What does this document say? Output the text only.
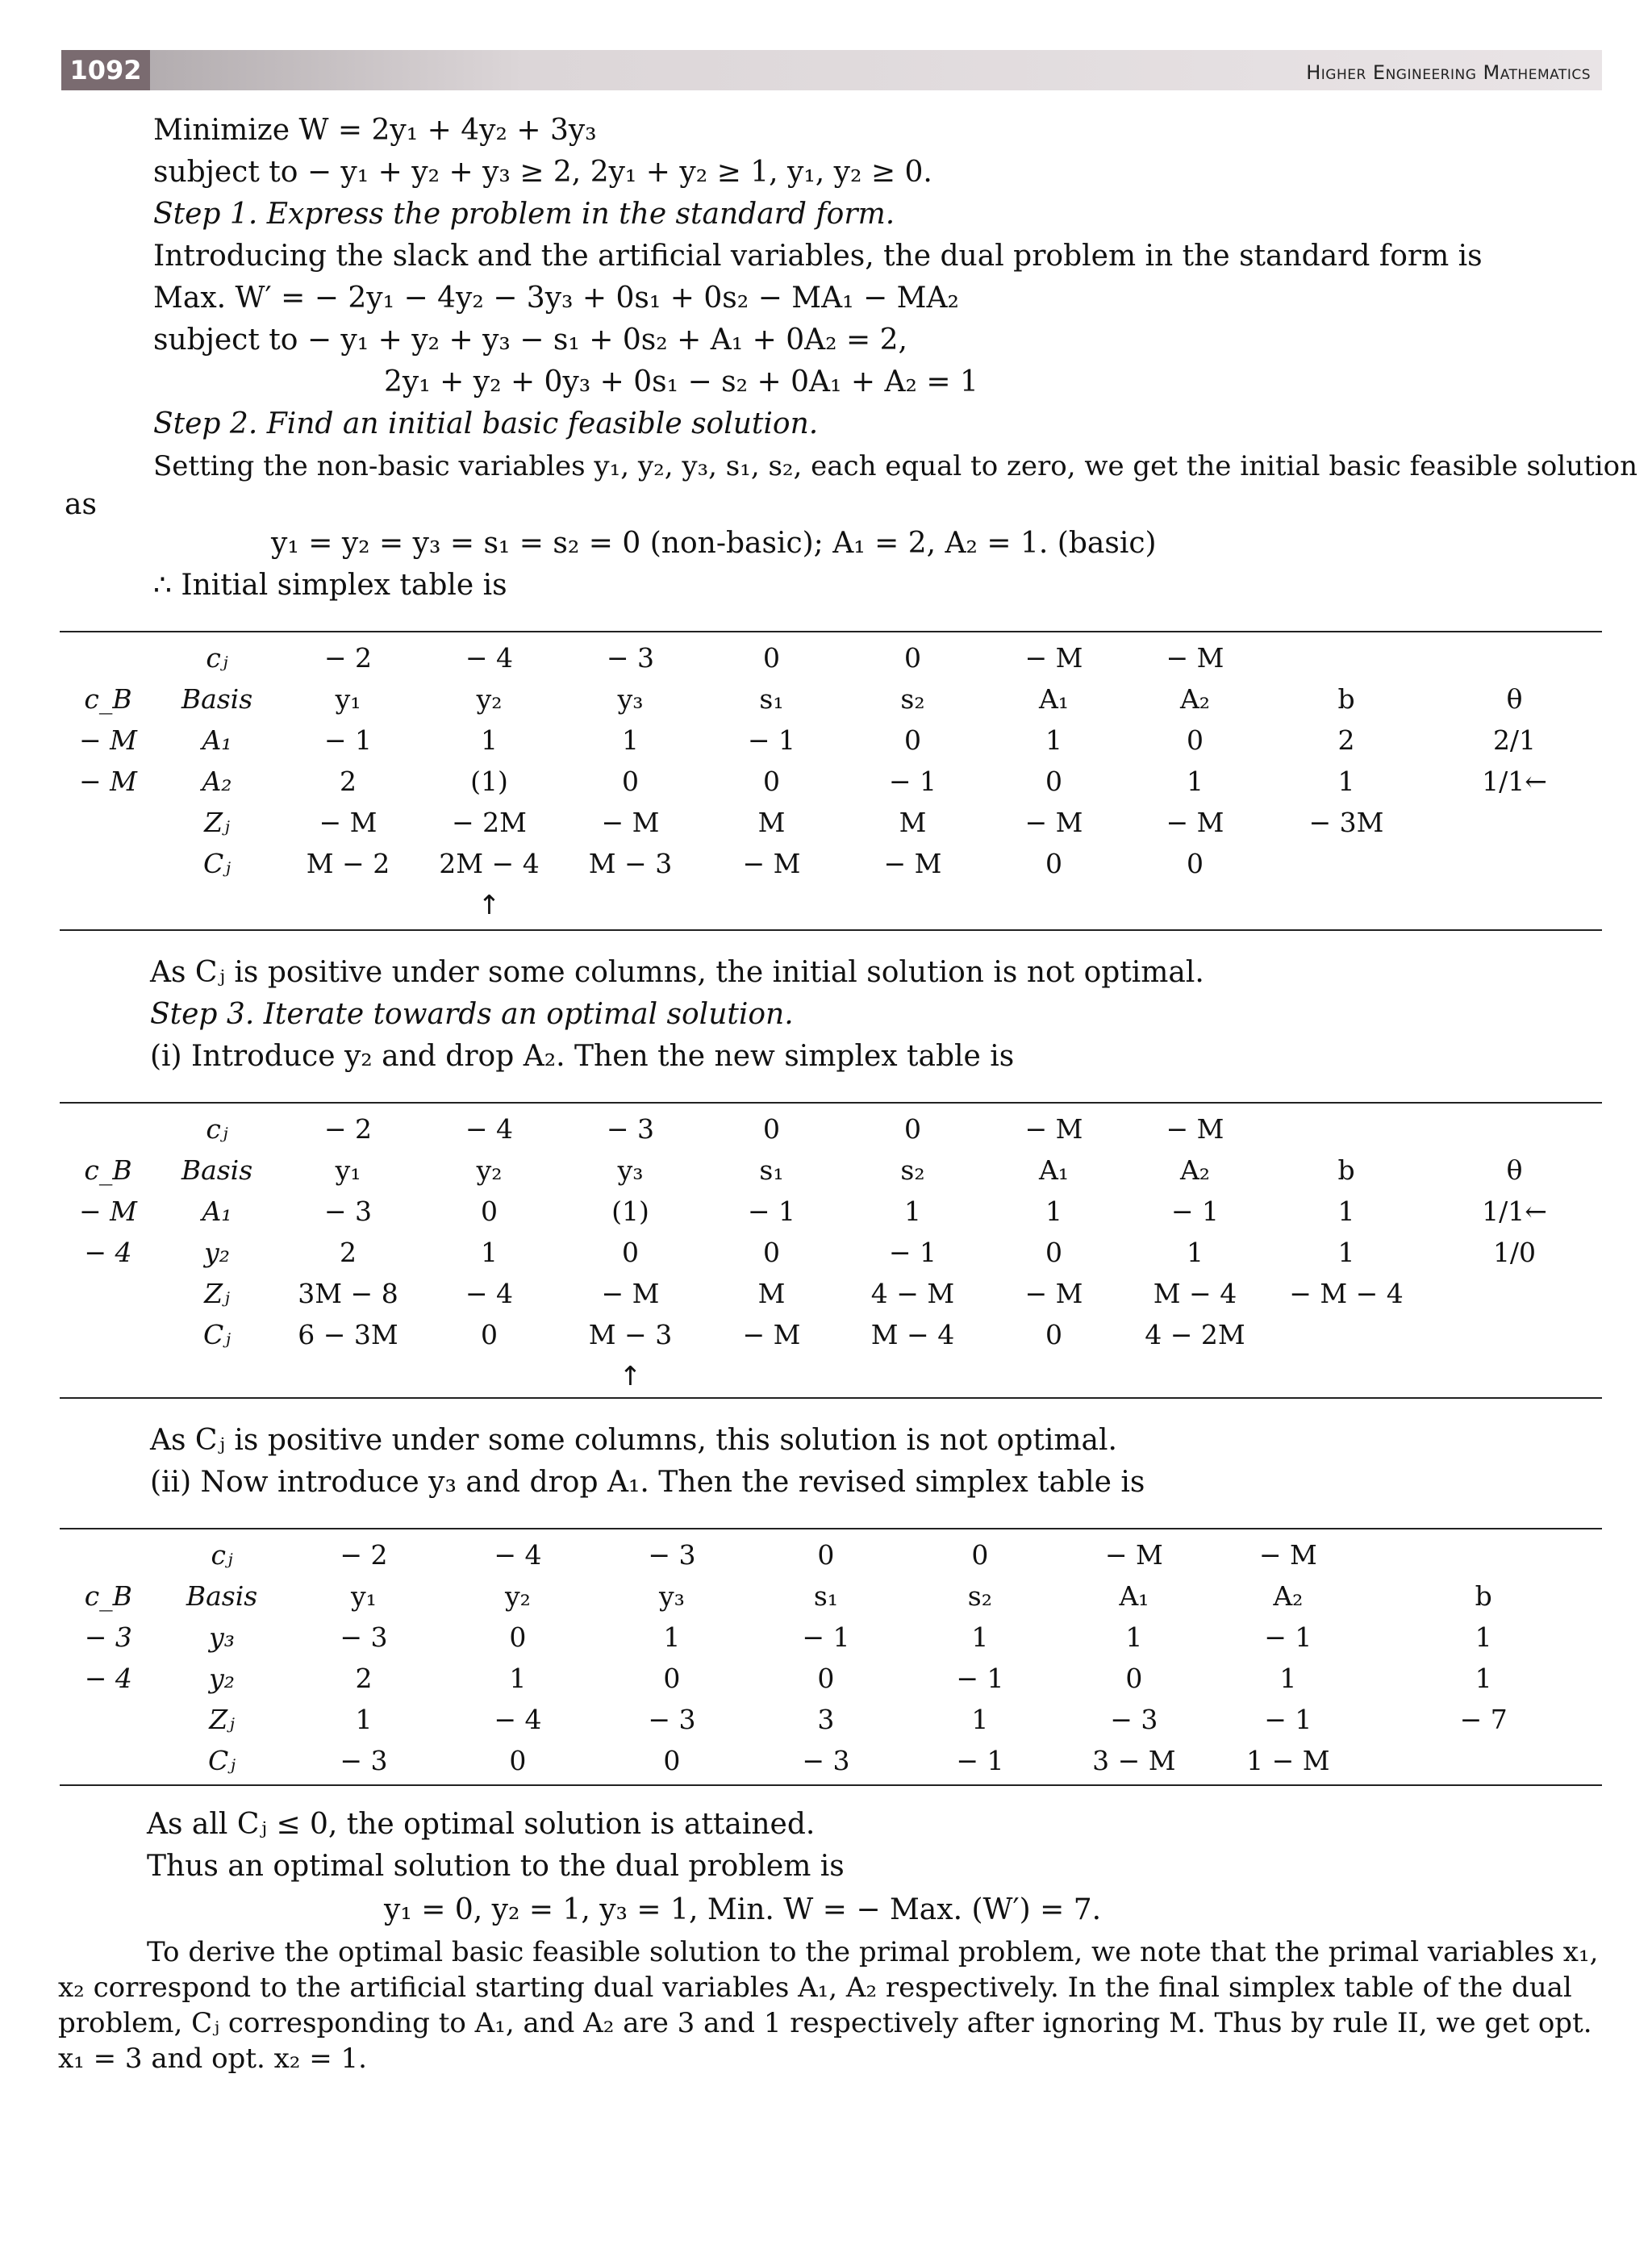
1092	Higher Engineering Mathematics
Minimize W = 2y₁ + 4y₂ + 3y₃
subject to − y₁ + y₂ + y₃ ≥ 2, 2y₁ + y₂ ≥ 1, y₁, y₂ ≥ 0.
Step 1. Express the problem in the standard form.
Introducing the slack and the artificial variables, the dual problem in the standard form is
Max. W′ = − 2y₁ − 4y₂ − 3y₃ + 0s₁ + 0s₂ − MA₁ − MA₂
subject to − y₁ + y₂ + y₃ − s₁ + 0s₂ + A₁ + 0A₂ = 2,
2y₁ + y₂ + 0y₃ + 0s₁ − s₂ + 0A₁ + A₂ = 1
Step 2. Find an initial basic feasible solution.
Setting the non-basic variables y₁, y₂, y₃, s₁, s₂, each equal to zero, we get the initial basic feasible solution
as
y₁ = y₂ = y₃ = s₁ = s₂ = 0 (non-basic); A₁ = 2, A₂ = 1. (basic)
∴ Initial simplex table is
	cⱼ	− 2	− 4	− 3	0	0	− M	− M		
c_B	Basis	y₁	y₂	y₃	s₁	s₂	A₁	A₂	b	θ
− M	A₁	− 1	1	1	− 1	0	1	0	2	2/1
− M	A₂	2	(1)	0	0	− 1	0	1	1	1/1←
	Zⱼ	− M	− 2M	− M	M	M	− M	− M	− 3M	
	Cⱼ	M − 2	2M − 4	M − 3	− M	− M	0	0		
			↑							
As Cⱼ is positive under some columns, the initial solution is not optimal.
Step 3. Iterate towards an optimal solution.
(i) Introduce y₂ and drop A₂. Then the new simplex table is
	cⱼ	− 2	− 4	− 3	0	0	− M	− M		
c_B	Basis	y₁	y₂	y₃	s₁	s₂	A₁	A₂	b	θ
− M	A₁	− 3	0	(1)	− 1	1	1	− 1	1	1/1←
− 4	y₂	2	1	0	0	− 1	0	1	1	1/0
	Zⱼ	3M − 8	− 4	− M	M	4 − M	− M	M − 4	− M − 4	
	Cⱼ	6 − 3M	0	M − 3	− M	M − 4	0	4 − 2M		
				↑						
As Cⱼ is positive under some columns, this solution is not optimal.
(ii) Now introduce y₃ and drop A₁. Then the revised simplex table is
	cⱼ	− 2	− 4	− 3	0	0	− M	− M	
c_B	Basis	y₁	y₂	y₃	s₁	s₂	A₁	A₂	b
− 3	y₃	− 3	0	1	− 1	1	1	− 1	1
− 4	y₂	2	1	0	0	− 1	0	1	1
	Zⱼ	1	− 4	− 3	3	1	− 3	− 1	− 7
	Cⱼ	− 3	0	0	− 3	− 1	3 − M	1 − M	
As all Cⱼ ≤ 0, the optimal solution is attained.
Thus an optimal solution to the dual problem is
y₁ = 0, y₂ = 1, y₃ = 1, Min. W = − Max. (W′) = 7.
To derive the optimal basic feasible solution to the primal problem, we note that the primal variables x₁,
x₂ correspond to the artificial starting dual variables A₁, A₂ respectively. In the final simplex table of the dual
problem, Cⱼ corresponding to A₁, and A₂ are 3 and 1 respectively after ignoring M. Thus by rule II, we get opt.
x₁ = 3 and opt. x₂ = 1.
